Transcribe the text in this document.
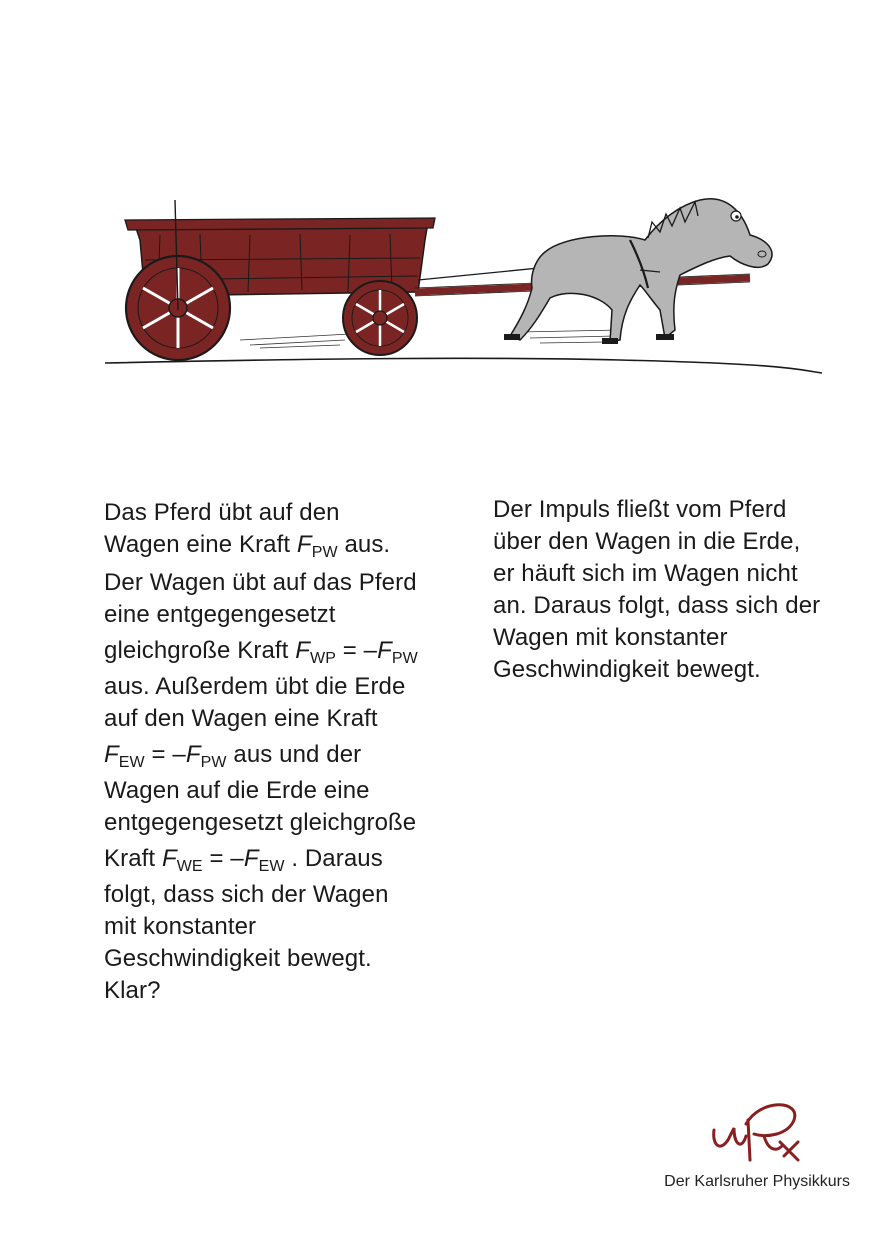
Das Pferd übt auf den
Wagen eine Kraft $F_{PW}$ aus.

Der Wagen übt auf das Pferd
eine entgegengesetzt
gleichgroße Kraft $F_{WP} = -F_{PW}$
aus. Außerdem übt die Erde
auf den Wagen eine Kraft
$F_{EW} = -F_{PW}$ aus und der
Wagen auf die Erde eine
entgegengesetzt gleichgroße
Kraft $F_{WE} = -F_{EW}$ . Daraus
folgt, dass sich der Wagen
mit konstanter
Geschwindigkeit bewegt.
Klar?

Der Impuls fließt vom Pferd
über den Wagen in die Erde,
er häuft sich im Wagen nicht
an. Daraus folgt, dass sich der
Wagen mit konstanter
Geschwindigkeit bewegt.

Der Karlsruher Physikkurs
